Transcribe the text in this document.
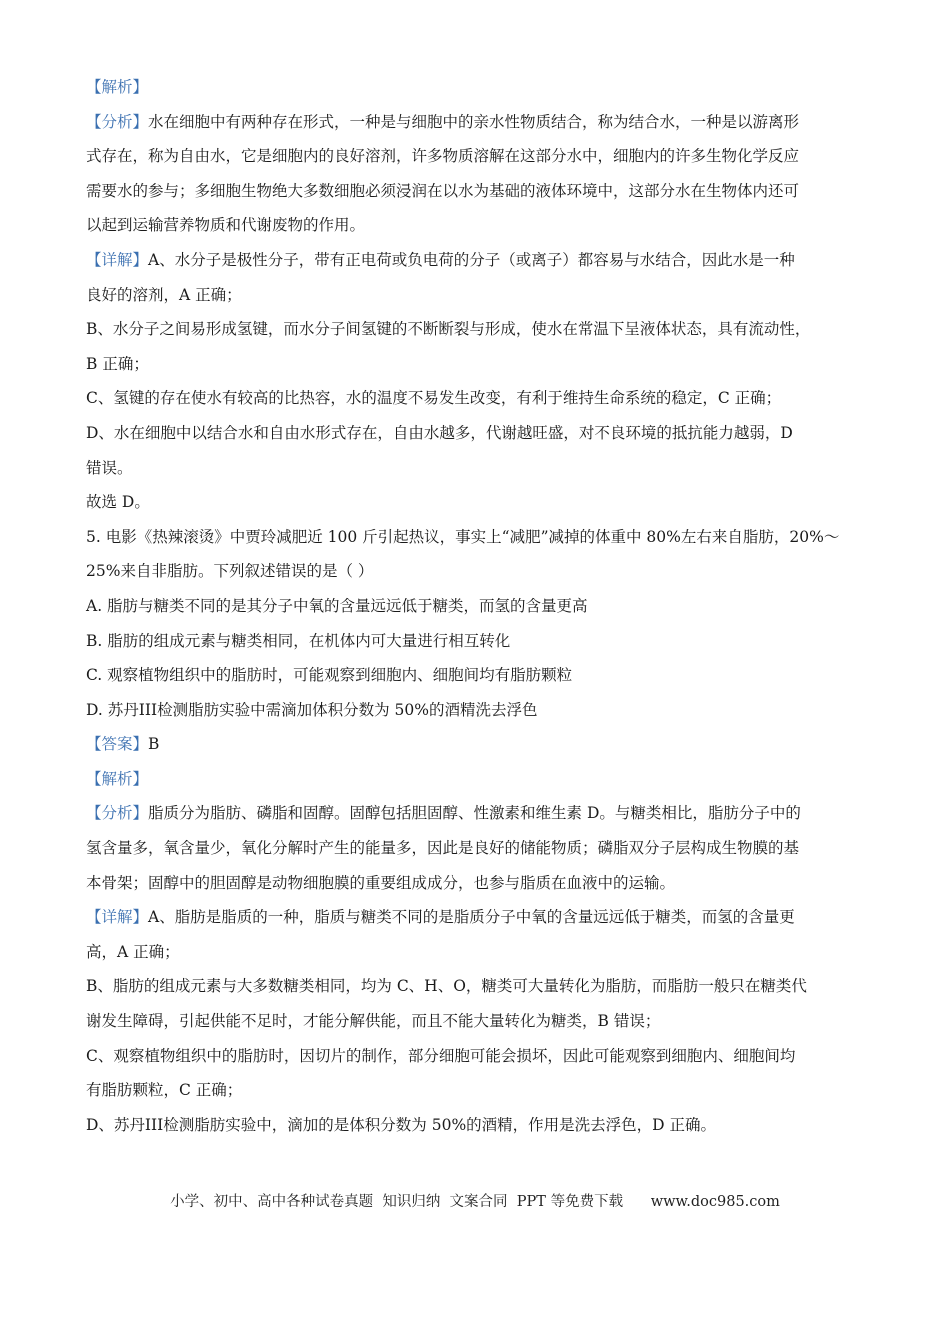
【解析】
【分析】水在细胞中有两种存在形式，一种是与细胞中的亲水性物质结合，称为结合水，一种是以游离形
式存在，称为自由水，它是细胞内的良好溶剂，许多物质溶解在这部分水中，细胞内的许多生物化学反应
需要水的参与；多细胞生物绝大多数细胞必须浸润在以水为基础的液体环境中，这部分水在生物体内还可
以起到运输营养物质和代谢废物的作用。
【详解】A、水分子是极性分子，带有正电荷或负电荷的分子（或离子）都容易与水结合，因此水是一种
良好的溶剂，A 正确；
B、水分子之间易形成氢键，而水分子间氢键的不断断裂与形成，使水在常温下呈液体状态，具有流动性，
B 正确；
C、氢键的存在使水有较高的比热容，水的温度不易发生改变，有利于维持生命系统的稳定，C 正确；
D、水在细胞中以结合水和自由水形式存在，自由水越多，代谢越旺盛，对不良环境的抵抗能力越弱，D
错误。
故选 D。
5. 电影《热辣滚烫》中贾玲减肥近 100 斤引起热议，事实上“减肥”减掉的体重中 80%左右来自脂肪，20%～
25%来自非脂肪。下列叙述错误的是（ ）
A. 脂肪与糖类不同的是其分子中氧的含量远远低于糖类，而氢的含量更高
B. 脂肪的组成元素与糖类相同，在机体内可大量进行相互转化
C. 观察植物组织中的脂肪时，可能观察到细胞内、细胞间均有脂肪颗粒
D. 苏丹III检测脂肪实验中需滴加体积分数为 50%的酒精洗去浮色
【答案】B
【解析】
【分析】脂质分为脂肪、磷脂和固醇。固醇包括胆固醇、性激素和维生素 D。与糖类相比，脂肪分子中的
氢含量多，氧含量少，氧化分解时产生的能量多，因此是良好的储能物质；磷脂双分子层构成生物膜的基
本骨架；固醇中的胆固醇是动物细胞膜的重要组成成分，也参与脂质在血液中的运输。
【详解】A、脂肪是脂质的一种，脂质与糖类不同的是脂质分子中氧的含量远远低于糖类，而氢的含量更
高，A 正确；
B、脂肪的组成元素与大多数糖类相同，均为 C、H、O，糖类可大量转化为脂肪，而脂肪一般只在糖类代
谢发生障碍，引起供能不足时，才能分解供能，而且不能大量转化为糖类，B 错误；
C、观察植物组织中的脂肪时，因切片的制作，部分细胞可能会损坏，因此可能观察到细胞内、细胞间均
有脂肪颗粒，C 正确；
D、苏丹III检测脂肪实验中，滴加的是体积分数为 50%的酒精，作用是洗去浮色，D 正确。
小学、初中、高中各种试卷真题  知识归纳  文案合同  PPT 等免费下载 www.doc985.com
